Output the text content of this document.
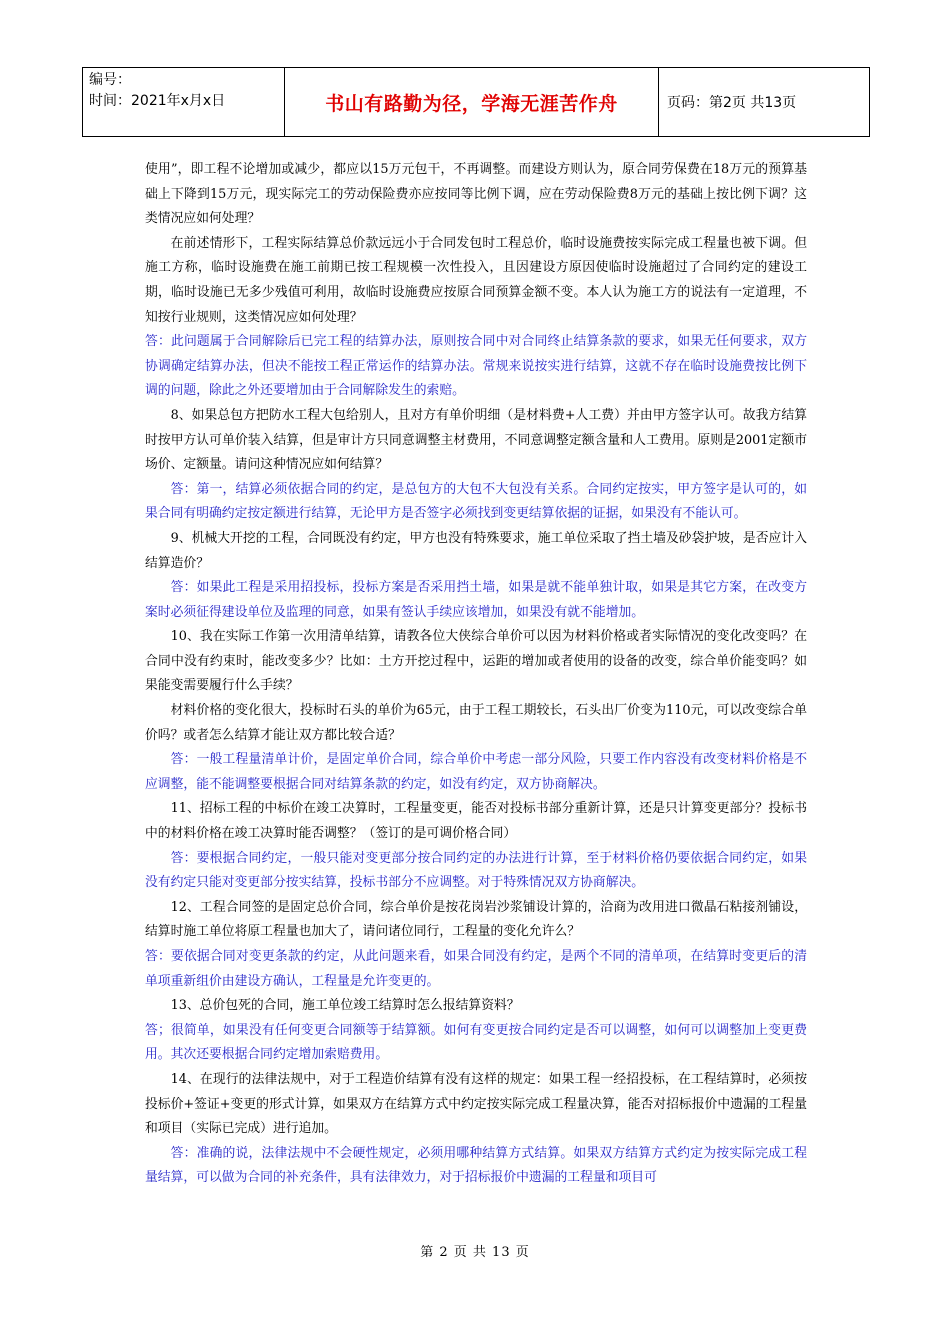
编号：
时间：2021年x月x日	书山有路勤为径，学海无涯苦作舟	页码：第2页 共13页

使用”，即工程不论增加或减少，都应以15万元包干，不再调整。而建设方则认为，原合同劳保费在18万元的预算基础上下降到15万元，现实际完工的劳动保险费亦应按同等比例下调，应在劳动保险费8万元的基础上按比例下调？这类情况应如何处理？

在前述情形下，工程实际结算总价款远远小于合同发包时工程总价，临时设施费按实际完成工程量也被下调。但施工方称，临时设施费在施工前期已按工程规模一次性投入，且因建设方原因使临时设施超过了合同约定的建设工期，临时设施已无多少残值可利用，故临时设施费应按原合同预算金额不变。本人认为施工方的说法有一定道理，不知按行业规则，这类情况应如何处理？

答：此问题属于合同解除后已完工程的结算办法，原则按合同中对合同终止结算条款的要求，如果无任何要求，双方协调确定结算办法，但决不能按工程正常运作的结算办法。常规来说按实进行结算，这就不存在临时设施费按比例下调的问题，除此之外还要增加由于合同解除发生的索赔。

8、如果总包方把防水工程大包给别人，且对方有单价明细（是材料费+人工费）并由甲方签字认可。故我方结算时按甲方认可单价装入结算，但是审计方只同意调整主材费用，不同意调整定额含量和人工费用。原则是2001定额市场价、定额量。请问这种情况应如何结算？

答：第一，结算必须依据合同的约定，是总包方的大包不大包没有关系。合同约定按实，甲方签字是认可的，如果合同有明确约定按定额进行结算，无论甲方是否签字必须找到变更结算依据的证据，如果没有不能认可。

9、机械大开挖的工程，合同既没有约定，甲方也没有特殊要求，施工单位采取了挡土墙及砂袋护坡，是否应计入结算造价？

答：如果此工程是采用招投标，投标方案是否采用挡土墙，如果是就不能单独计取，如果是其它方案，在改变方案时必须征得建设单位及监理的同意，如果有签认手续应该增加，如果没有就不能增加。

10、我在实际工作第一次用清单结算，请教各位大侠综合单价可以因为材料价格或者实际情况的变化改变吗？在合同中没有约束时，能改变多少？比如：土方开挖过程中，运距的增加或者使用的设备的改变，综合单价能变吗？如果能变需要履行什么手续？

材料价格的变化很大，投标时石头的单价为65元，由于工程工期较长，石头出厂价变为110元，可以改变综合单价吗？或者怎么结算才能让双方都比较合适？

答：一般工程量清单计价，是固定单价合同，综合单价中考虑一部分风险，只要工作内容没有改变材料价格是不应调整，能不能调整要根据合同对结算条款的约定，如没有约定，双方协商解决。

11、招标工程的中标价在竣工决算时，工程量变更，能否对投标书部分重新计算，还是只计算变更部分？投标书中的材料价格在竣工决算时能否调整？（签订的是可调价格合同）

答：要根据合同约定，一般只能对变更部分按合同约定的办法进行计算，至于材料价格仍要依据合同约定，如果没有约定只能对变更部分按实结算，投标书部分不应调整。对于特殊情况双方协商解决。

12、工程合同签的是固定总价合同，综合单价是按花岗岩沙浆铺设计算的，洽商为改用进口微晶石粘接剂铺设，结算时施工单位将原工程量也加大了，请问诸位同行，工程量的变化允许么？

答：要依据合同对变更条款的约定，从此问题来看，如果合同没有约定，是两个不同的清单项，在结算时变更后的清单项重新组价由建设方确认，工程量是允许变更的。

13、总价包死的合同，施工单位竣工结算时怎么报结算资料？

答；很简单，如果没有任何变更合同额等于结算额。如何有变更按合同约定是否可以调整，如何可以调整加上变更费用。其次还要根据合同约定增加索赔费用。

14、在现行的法律法规中，对于工程造价结算有没有这样的规定：如果工程一经招投标，在工程结算时，必须按投标价+签证+变更的形式计算，如果双方在结算方式中约定按实际完成工程量决算，能否对招标报价中遗漏的工程量和项目（实际已完成）进行追加。

答：准确的说，法律法规中不会硬性规定，必须用哪种结算方式结算。如果双方结算方式约定为按实际完成工程量结算，可以做为合同的补充条件，具有法律效力，对于招标报价中遗漏的工程量和项目可

第 2 页 共 13 页
